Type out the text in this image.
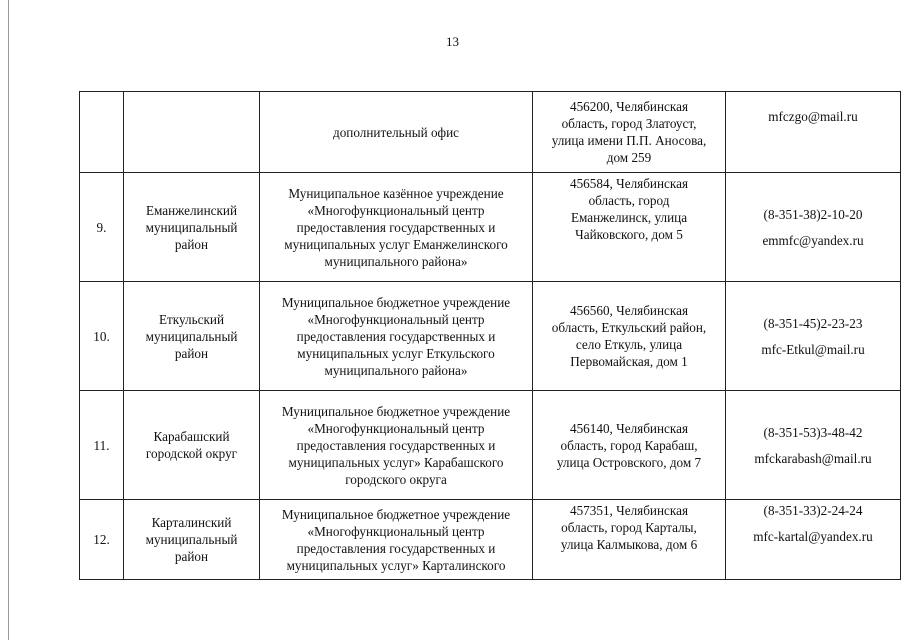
13

		дополнительный офис	456200, Челябинская
область, город Златоуст,
улица имени П.П. Аносова,
дом 259	mfczgo@mail.ru

9.	Еманжелинский
муниципальный
район	Муниципальное казённое учреждение
«Многофункциональный центр
предоставления государственных и
муниципальных услуг Еманжелинского
муниципального района»	456584, Челябинская
область, город
Еманжелинск, улица
Чайковского, дом 5	(8-351-38)2-10-20
emmfc@yandex.ru

10.	Еткульский
муниципальный
район	Муниципальное бюджетное учреждение
«Многофункциональный центр
предоставления государственных и
муниципальных услуг Еткульского
муниципального района»	456560, Челябинская
область, Еткульский район,
село Еткуль, улица
Первомайская, дом 1	(8-351-45)2-23-23
mfc-Etkul@mail.ru

11.	Карабашский
городской округ	Муниципальное бюджетное учреждение
«Многофункциональный центр
предоставления государственных и
муниципальных услуг» Карабашского
городского округа	456140, Челябинская
область, город Карабаш,
улица Островского, дом 7	(8-351-53)3-48-42
mfckarabash@mail.ru

12.	Карталинский
муниципальный
район	Муниципальное бюджетное учреждение
«Многофункциональный центр
предоставления государственных и
муниципальных услуг» Карталинского	457351, Челябинская
область, город Карталы,
улица Калмыкова, дом 6	(8-351-33)2-24-24
mfc-kartal@yandex.ru
